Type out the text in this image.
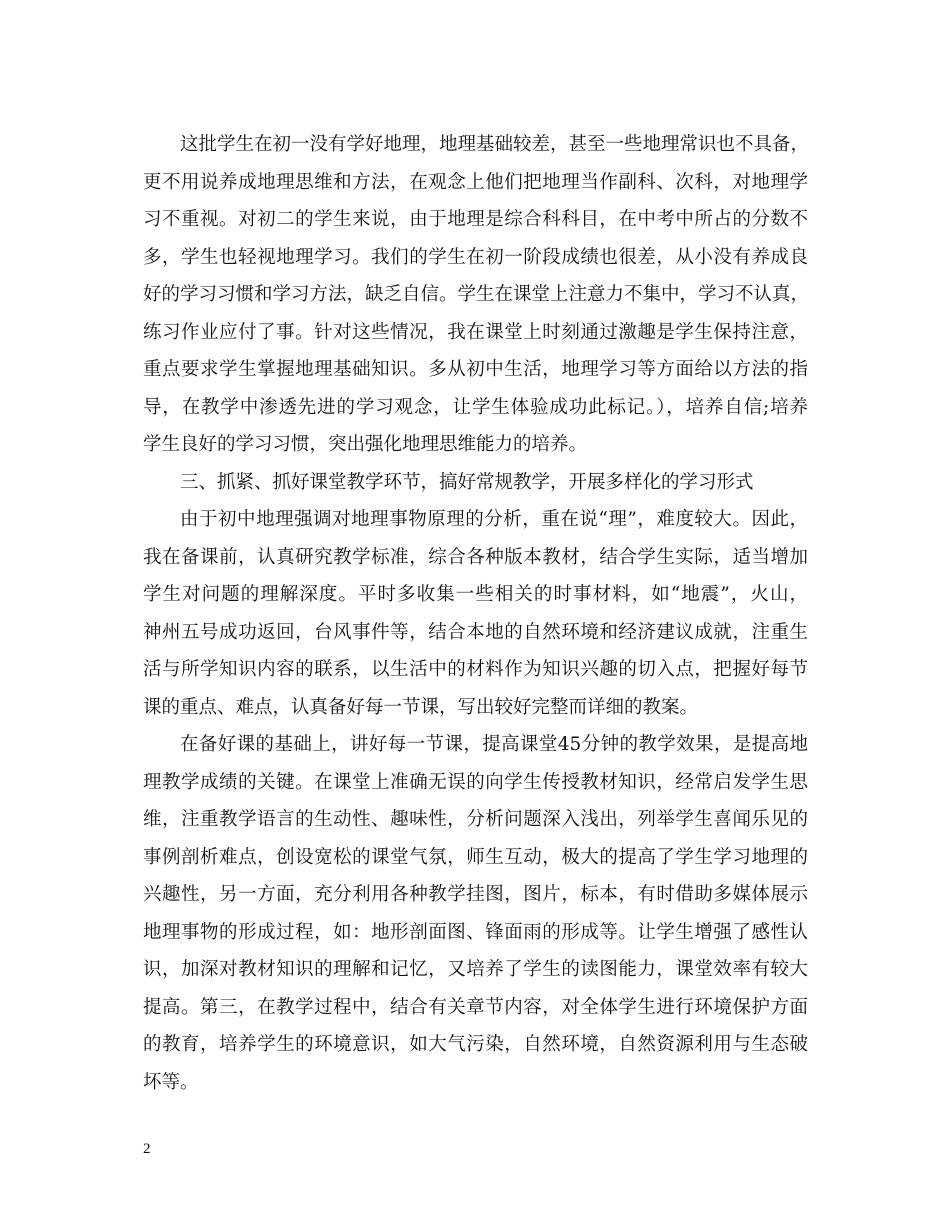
这批学生在初一没有学好地理，地理基础较差，甚至一些地理常识也不具备，
更不用说养成地理思维和方法，在观念上他们把地理当作副科、次科，对地理学
习不重视。对初二的学生来说，由于地理是综合科科目，在中考中所占的分数不
多，学生也轻视地理学习。我们的学生在初一阶段成绩也很差，从小没有养成良
好的学习习惯和学习方法，缺乏自信。学生在课堂上注意力不集中，学习不认真，
练习作业应付了事。针对这些情况，我在课堂上时刻通过激趣是学生保持注意，
重点要求学生掌握地理基础知识。多从初中生活，地理学习等方面给以方法的指
导，在教学中渗透先进的学习观念，让学生体验成功此标记。），培养自信;培养
学生良好的学习习惯，突出强化地理思维能力的培养。
三、抓紧、抓好课堂教学环节，搞好常规教学，开展多样化的学习形式
由于初中地理强调对地理事物原理的分析，重在说“理”，难度较大。因此，
我在备课前，认真研究教学标准，综合各种版本教材，结合学生实际，适当增加
学生对问题的理解深度。平时多收集一些相关的时事材料，如“地震”，火山，
神州五号成功返回，台风事件等，结合本地的自然环境和经济建议成就，注重生
活与所学知识内容的联系，以生活中的材料作为知识兴趣的切入点，把握好每节
课的重点、难点，认真备好每一节课，写出较好完整而详细的教案。
在备好课的基础上，讲好每一节课，提高课堂45分钟的教学效果，是提高地
理教学成绩的关键。在课堂上准确无误的向学生传授教材知识，经常启发学生思
维，注重教学语言的生动性、趣味性，分析问题深入浅出，列举学生喜闻乐见的
事例剖析难点，创设宽松的课堂气氛，师生互动，极大的提高了学生学习地理的
兴趣性，另一方面，充分利用各种教学挂图，图片，标本，有时借助多媒体展示
地理事物的形成过程，如：地形剖面图、锋面雨的形成等。让学生增强了感性认
识，加深对教材知识的理解和记忆，又培养了学生的读图能力，课堂效率有较大
提高。第三，在教学过程中，结合有关章节内容，对全体学生进行环境保护方面
的教育，培养学生的环境意识，如大气污染，自然环境，自然资源利用与生态破
坏等。
2
